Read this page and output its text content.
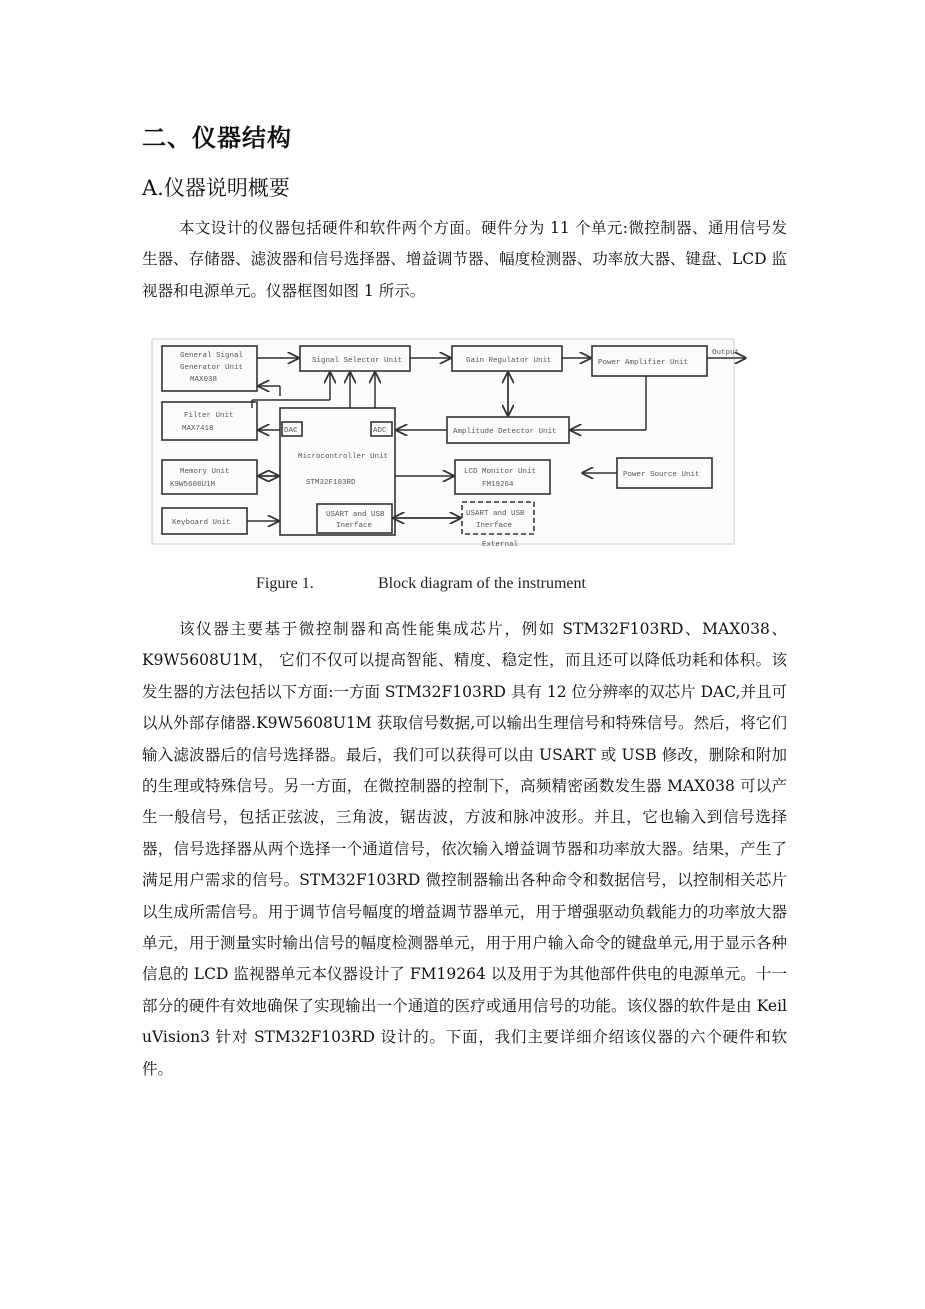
二、仪器结构
A.仪器说明概要

本文设计的仪器包括硬件和软件两个方面。硬件分为 11 个单元:微控制器、通用信号发生器、存储器、滤波器和信号选择器、增益调节器、幅度检测器、功率放大器、键盘、LCD 监视器和电源单元。仪器框图如图 1 所示。

General Signal
Generator Unit
MAX038
Signal Selector Unit	Gain Regulator Unit	Power Amplifier Unit
Output
Filter Unit
MAX7418	DAC	ADC
Microcontroller Unit
STM32F103RD
USART and USB
Inerface
Amplitude Detector Unit
Memory Unit
K9W5608U1M
LCD Monitor Unit
FM19264
Power Source Unit
Keyboard Unit
USART and USB
Inerface
External
Figure 1.	Block diagram of the instrument

该仪器主要基于微控制器和高性能集成芯片，例如 STM32F103RD、MAX038、K9W5608U1M， 它们不仅可以提高智能、精度、稳定性，而且还可以降低功耗和体积。该发生器的方法包括以下方面:一方面 STM32F103RD 具有 12 位分辨率的双芯片 DAC,并且可以从外部存储器.K9W5608U1M 获取信号数据,可以输出生理信号和特殊信号。然后，将它们输入滤波器后的信号选择器。最后，我们可以获得可以由 USART 或 USB 修改，删除和附加的生理或特殊信号。另一方面，在微控制器的控制下，高频精密函数发生器 MAX038 可以产生一般信号，包括正弦波，三角波，锯齿波，方波和脉冲波形。并且，它也输入到信号选择器，信号选择器从两个选择一个通道信号，依次输入增益调节器和功率放大器。结果，产生了满足用户需求的信号。STM32F103RD 微控制器输出各种命令和数据信号，以控制相关芯片以生成所需信号。用于调节信号幅度的增益调节器单元，用于增强驱动负载能力的功率放大器单元，用于测量实时输出信号的幅度检测器单元，用于用户输入命令的键盘单元,用于显示各种信息的 LCD 监视器单元本仪器设计了 FM19264 以及用于为其他部件供电的电源单元。十一部分的硬件有效地确保了实现输出一个通道的医疗或通用信号的功能。该仪器的软件是由 Keil uVision3 针对 STM32F103RD 设计的。下面，我们主要详细介绍该仪器的六个硬件和软件。
